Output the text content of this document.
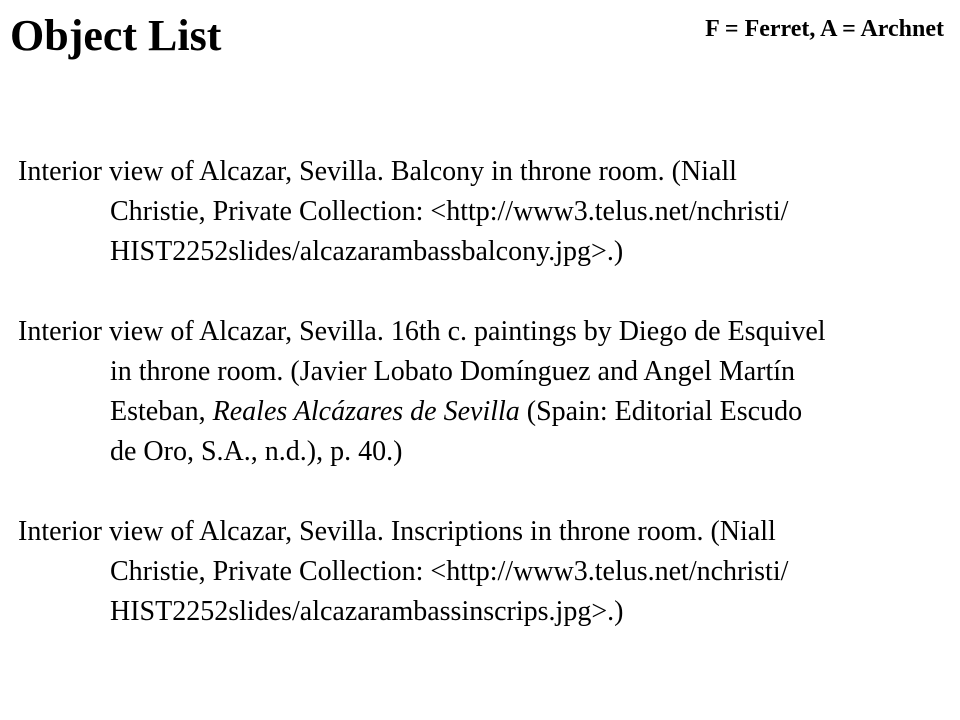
Object List	F = Ferret, A = Archnet

Interior view of Alcazar, Sevilla. Balcony in throne room. (Niall
Christie, Private Collection: <http://www3.telus.net/nchristi/
HIST2252slides/alcazarambassbalcony.jpg>.)

Interior view of Alcazar, Sevilla. 16th c. paintings by Diego de Esquivel
in throne room. (Javier Lobato Domínguez and Angel Martín
Esteban, Reales Alcázares de Sevilla (Spain: Editorial Escudo
de Oro, S.A., n.d.), p. 40.)

Interior view of Alcazar, Sevilla. Inscriptions in throne room. (Niall
Christie, Private Collection: <http://www3.telus.net/nchristi/
HIST2252slides/alcazarambassinscrips.jpg>.)
